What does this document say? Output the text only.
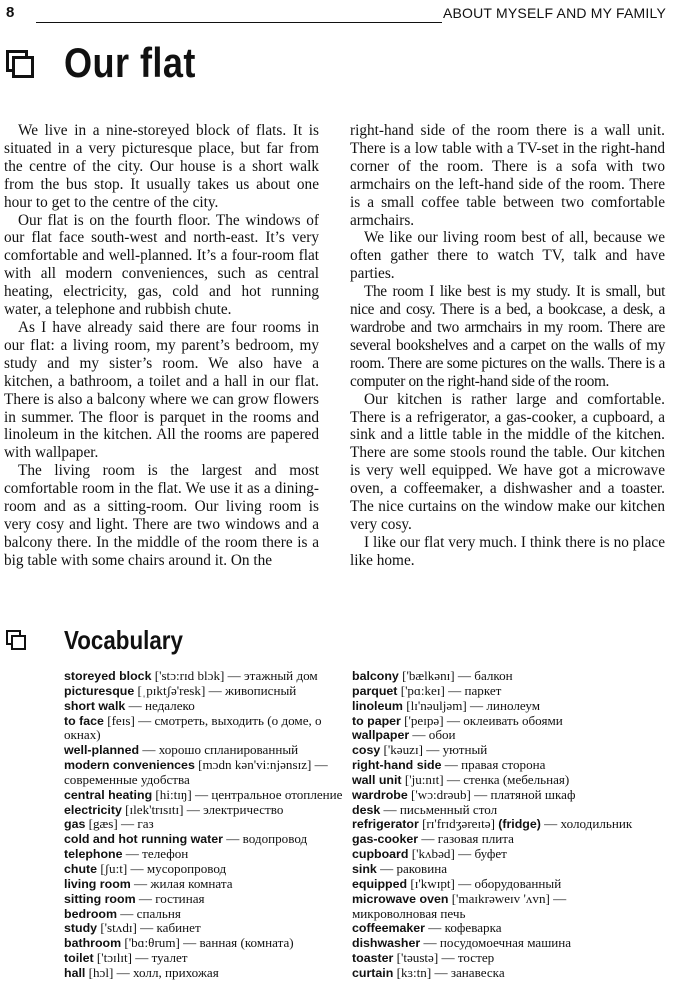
8	ABOUT MYSELF AND MY FAMILY
Our flat

We live in a nine-storeyed block of flats. It is situated in a very picturesque place, but far from the centre of the city. Our house is a short walk from the bus stop. It usually takes us about one hour to get to the centre of the city.

Our flat is on the fourth floor. The windows of our flat face south-west and north-east. It’s very comfortable and well-planned. It’s a four-room flat with all modern conveniences, such as central heating, electricity, gas, cold and hot running water, a telephone and rubbish chute.

As I have already said there are four rooms in our flat: a living room, my parent’s bedroom, my study and my sister’s room. We also have a kitchen, a bathroom, a toilet and a hall in our flat. There is also a balcony where we can grow flowers in summer. The floor is parquet in the rooms and linoleum in the kitchen. All the rooms are papered with wallpaper.

The living room is the largest and most comfortable room in the flat. We use it as a dining-room and as a sitting-room. Our living room is very cosy and light. There are two windows and a balcony there. In the middle of the room there is a big table with some chairs around it. On the

right-hand side of the room there is a wall unit. There is a low table with a TV-set in the right-hand corner of the room. There is a sofa with two armchairs on the left-hand side of the room. There is a small coffee table between two comfortable armchairs.

We like our living room best of all, because we often gather there to watch TV, talk and have parties.

The room I like best is my study. It is small, but nice and cosy. There is a bed, a bookcase, a desk, a wardrobe and two armchairs in my room. There are several bookshelves and a carpet on the walls of my room. There are some pictures on the walls. There is a computer on the right-hand side of the room.

Our kitchen is rather large and comfortable. There is a refrigerator, a gas-cooker, a cupboard, a sink and a little table in the middle of the kitchen. There are some stools round the table. Our kitchen is very well equipped. We have got a microwave oven, a coffeemaker, a dishwasher and a toaster. The nice curtains on the window make our kitchen very cosy.

I like our flat very much. I think there is no place like home.

Vocabulary
storeyed block ['stɔ:rɪd blɔk] — этажный дом
picturesque [ˌpɪktʃə'resk] — живописный
short walk — недалеко
to face [feɪs] — смотреть, выходить (о доме, о окнах)
well-planned — хорошо спланированный
modern conveniences [mɔdn kən'vi:njənsɪz] — современные удобства
central heating [hi:tɪŋ] — центральное отопление
electricity [ɪlek'trɪsɪtɪ] — электричество
gas [gæs] — газ
cold and hot running water — водопровод
telephone — телефон
chute [ʃu:t] — мусоропровод
living room — жилая комната
sitting room — гостиная
bedroom — спальня
study ['stʌdɪ] — кабинет
bathroom ['bɑ:θrum] — ванная (комната)
toilet ['tɔɪlɪt] — туалет
hall [hɔl] — холл, прихожая
balcony ['bælkənɪ] — балкон
parquet ['pɑ:keɪ] — паркет
linoleum [lɪ'nəuljəm] — линолеум
to paper ['peɪpə] — оклеивать обоями
wallpaper — обои
cosy ['kəuzɪ] — уютный
right-hand side — правая сторона
wall unit ['ju:nɪt] — стенка (мебельная)
wardrobe ['wɔ:drəub] — платяной шкаф
desk — письменный стол
refrigerator [rɪ'frɪdʒəreɪtə] (fridge) — холодильник
gas-cooker — газовая плита
cupboard ['kʌbəd] — буфет
sink — раковина
equipped [ɪ'kwɪpt] — оборудованный
microwave oven ['maɪkrəweɪv 'ʌvn] — микроволновая печь
coffeemaker — кофеварка
dishwasher — посудомоечная машина
toaster ['təustə] — тостер
curtain [kɜ:tn] — занавеска
